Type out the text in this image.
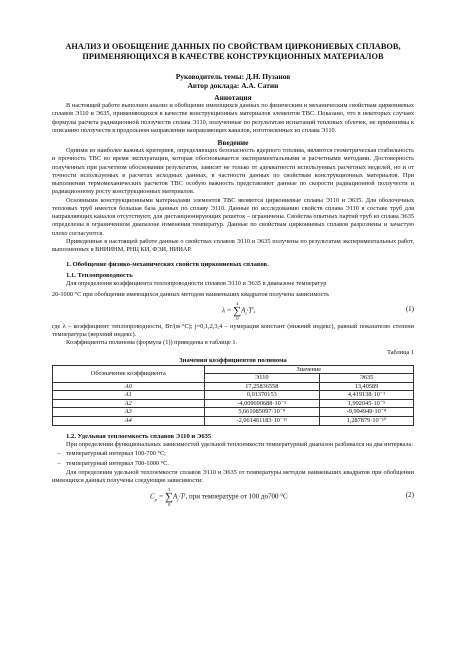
АНАЛИЗ И ОБОБЩЕНИЕ ДАННЫХ ПО СВОЙСТВАМ ЦИРКОНИЕВЫХ СПЛАВОВ,
ПРИМЕНЯЮЩИХСЯ В КАЧЕСТВЕ КОНСТРУКЦИОННЫХ МАТЕРИАЛОВ
Руководитель темы: Д.Н. Пузанов
Автор доклада: А.А. Сатин
Аннотация

В настоящей работе выполнен анализ и обобщение имеющихся данных по физическим и механическим свойствам циркониевых сплавов Э110 и Э635, применяющихся в качестве конструкционных материалов элементов ТВС. Показано, что в некоторых случаях формулы расчета радиационной ползучести сплава Э110, полученные по результатам испытаний тепловых облочек, не применимы к описанию ползучести в продольном направлении направляющих каналов, изготовленных из сплава Э110.

Введение

Одними из наиболее важных критериев, определяющих безопасность ядерного топлива, являются геометрическая стабильность и прочность ТВС во время эксплуатации, которая обосновывается экспериментальными и расчетными методами. Достоверность полученных при расчетном обосновании результатов, зависит не только от адекватности используемых расчетных моделей, но и от точности используемых в расчетах исходных данных, в частности данных по свойствам конструкционных материалов. При выполнении термомеханических расчетов ТВС особую важность представляют данные по скорости радиационной ползучести и радиационному росту конструкционных материалов.

Основными конструкционными материалами элементов ТВС являются циркониевые сплавы Э110 и Э635. Для оболочечных тепловых труб имеется большая база данных по сплаву Э110. Данные по исследованию свойств сплава Э110 в составе труб для направляющих каналов отсутствуют, для дистанционирующих решеток – ограничены. Свойства опытных партий труб из сплава Э635 определены в ограниченном диапазоне изменения температур. Данные по свойствам циркониевых сплавов разрознены и зачастую плохо согласуются.

Приведенные в настоящей работе данные о свойствах сплавов Э110 и Э635 получены по результатам экспериментальных работ, выполненных в ВНИИНМ, РНЦ КИ, ФЭИ, НИИАР.

1. Обобщение физико-механических свойств циркониевых сплавов.
1.1. Теплопроводность

Для определения коэффициента теплопроводности сплавов Э110 и Э635 в диапазоне температур

20-1000 °С при обобщении имеющихся данных методом наименьших квадратов получена зависимость

λ = ∑
4
0
$A_i\cdot T^i$,	(1)

где λ – коэффициент теплопроводности, Вт/(м·°С); j=0,1,2,3,4 – нумерация констант (нижний индекс), равный показателю степени температуры (верхний индекс).

Коэффициенты полинома (формула (1)) приведены в таблице 1.

Таблица 1
Значения коэффициентов полинома
Обозначение коэффициента	Значение	
	Э110	Э635
A0	17,25836558	13,40589
A1	0,01370153	4,419138·10⁻³
A2	-4,009690688·10⁻⁵	1,992045·10⁻⁵
A3	5,661085097·10⁻⁸	-9,994949·10⁻⁸
A4	-2,061461183·10⁻¹¹	1,287879·10⁻¹⁰
1.2. Удельная теплоемкость сплавов Э110 и Э635

При определении функциональных зависимостей удельной теплоемкости температурный диапазон разбивался на два интервала:

– температурный интервал 100-700 °С;
– температурный интервал 700-1000 °С.

Для определения удельной теплоемкости сплавов Э110 и Э635 от температуры методом наименьших квадратов при обобщении имеющихся данных получены следующие зависимости:

$C_p$ = ∑
3
0
$A_j\cdot T^j$, при температуре от 100 до700 °С	(2)
